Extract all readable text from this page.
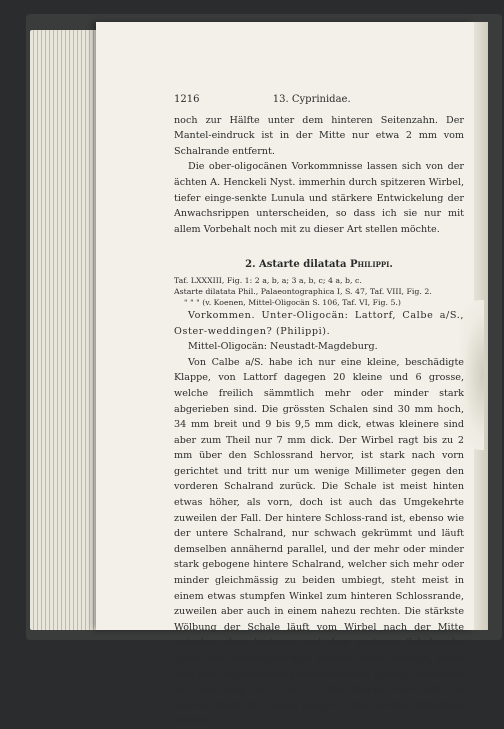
1216	13. Cyprinidae.

noch zur Hälfte unter dem hinteren Seitenzahn. Der Mantel-eindruck ist in der Mitte nur etwa 2 mm vom Schalrande entfernt.

Die ober-oligocänen Vorkommnisse lassen sich von der ächten A. Henckeli Nyst. immerhin durch spitzeren Wirbel, tiefer einge-senkte Lunula und stärkere Entwickelung der Anwachsrippen unterscheiden, so dass ich sie nur mit allem Vorbehalt noch mit zu dieser Art stellen möchte.

2. Astarte dilatata Philippi.

Taf. LXXXIII, Fig. 1: 2 a, b, a; 3 a, b, c; 4 a, b, c.

Astarte dilatata Phil., Palaeontographica I, S. 47, Taf. VIII, Fig. 2.

" " " (v. Koenen, Mittel-Oligocän S. 106, Taf. VI, Fig. 5.)

Vorkommen. Unter-Oligocän: Lattorf, Calbe a/S., Oster-weddingen? (Philippi).

Mittel-Oligocän: Neustadt-Magdeburg.

Von Calbe a/S. habe ich nur eine kleine, beschädigte Klappe, von Lattorf dagegen 20 kleine und 6 grosse, welche freilich sämmtlich mehr oder minder stark abgerieben sind. Die grössten Schalen sind 30 mm hoch, 34 mm breit und 9 bis 9,5 mm dick, etwas kleinere sind aber zum Theil nur 7 mm dick. Der Wirbel ragt bis zu 2 mm über den Schlossrand hervor, ist stark nach vorn gerichtet und tritt nur um wenige Millimeter gegen den vorderen Schalrand zurück. Die Schale ist meist hinten etwas höher, als vorn, doch ist auch das Umgekehrte zuweilen der Fall. Der hintere Schloss-rand ist, ebenso wie der untere Schalrand, nur schwach gekrümmt und läuft demselben annähernd parallel, und der mehr oder minder stark gebogene hintere Schalrand, welcher sich mehr oder minder gleichmässig zu beiden umbiegt, steht meist in einem etwas stumpfen Winkel zum hinteren Schlossrande, zuweilen aber auch in einem nahezu rechten. Die stärkste Wölbung der Schale läuft vom Wirbel nach der Mitte zwischen dem hinteren und dem un-teren Schalrande. Unter dem Wirbel liegt eine ziemlich stark vertiefte, durch eine ganz abgerundete Kante begrenzte Lunula, welche bis zu 8 mm lang und 3 mm in jeder Klappe breit wird; am unteren Ende der Lunula biegt sich der vordere Schalrand stärker
